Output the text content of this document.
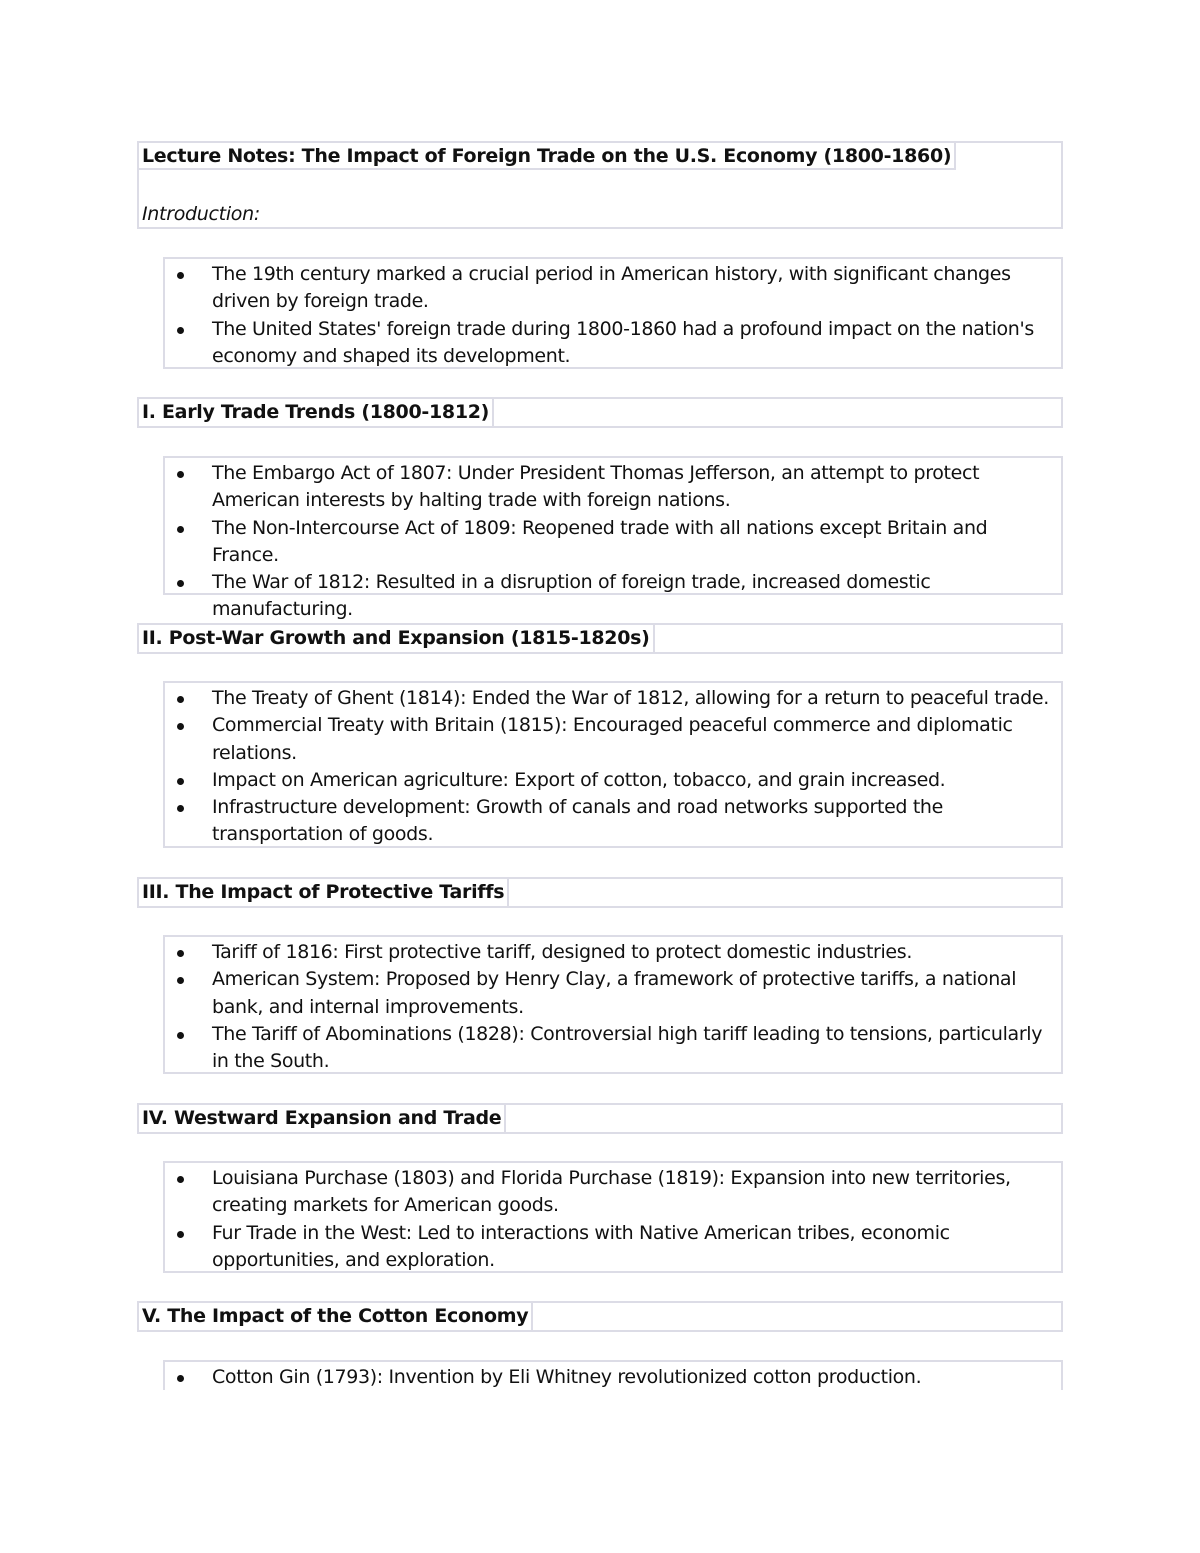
Lecture Notes: The Impact of Foreign Trade on the U.S. Economy (1800-1860)
Introduction:
The 19th century marked a crucial period in American history, with significant changes driven by foreign trade.
The United States' foreign trade during 1800-1860 had a profound impact on the nation's economy and shaped its development.
I. Early Trade Trends (1800-1812)
The Embargo Act of 1807: Under President Thomas Jefferson, an attempt to protect American interests by halting trade with foreign nations.
The Non-Intercourse Act of 1809: Reopened trade with all nations except Britain and France.
The War of 1812: Resulted in a disruption of foreign trade, increased domestic manufacturing.
II. Post-War Growth and Expansion (1815-1820s)
The Treaty of Ghent (1814): Ended the War of 1812, allowing for a return to peaceful trade.
Commercial Treaty with Britain (1815): Encouraged peaceful commerce and diplomatic relations.
Impact on American agriculture: Export of cotton, tobacco, and grain increased.
Infrastructure development: Growth of canals and road networks supported the transportation of goods.
III. The Impact of Protective Tariffs
Tariff of 1816: First protective tariff, designed to protect domestic industries.
American System: Proposed by Henry Clay, a framework of protective tariffs, a national bank, and internal improvements.
The Tariff of Abominations (1828): Controversial high tariff leading to tensions, particularly in the South.
IV. Westward Expansion and Trade
Louisiana Purchase (1803) and Florida Purchase (1819): Expansion into new territories, creating markets for American goods.
Fur Trade in the West: Led to interactions with Native American tribes, economic opportunities, and exploration.
V. The Impact of the Cotton Economy
Cotton Gin (1793): Invention by Eli Whitney revolutionized cotton production.
